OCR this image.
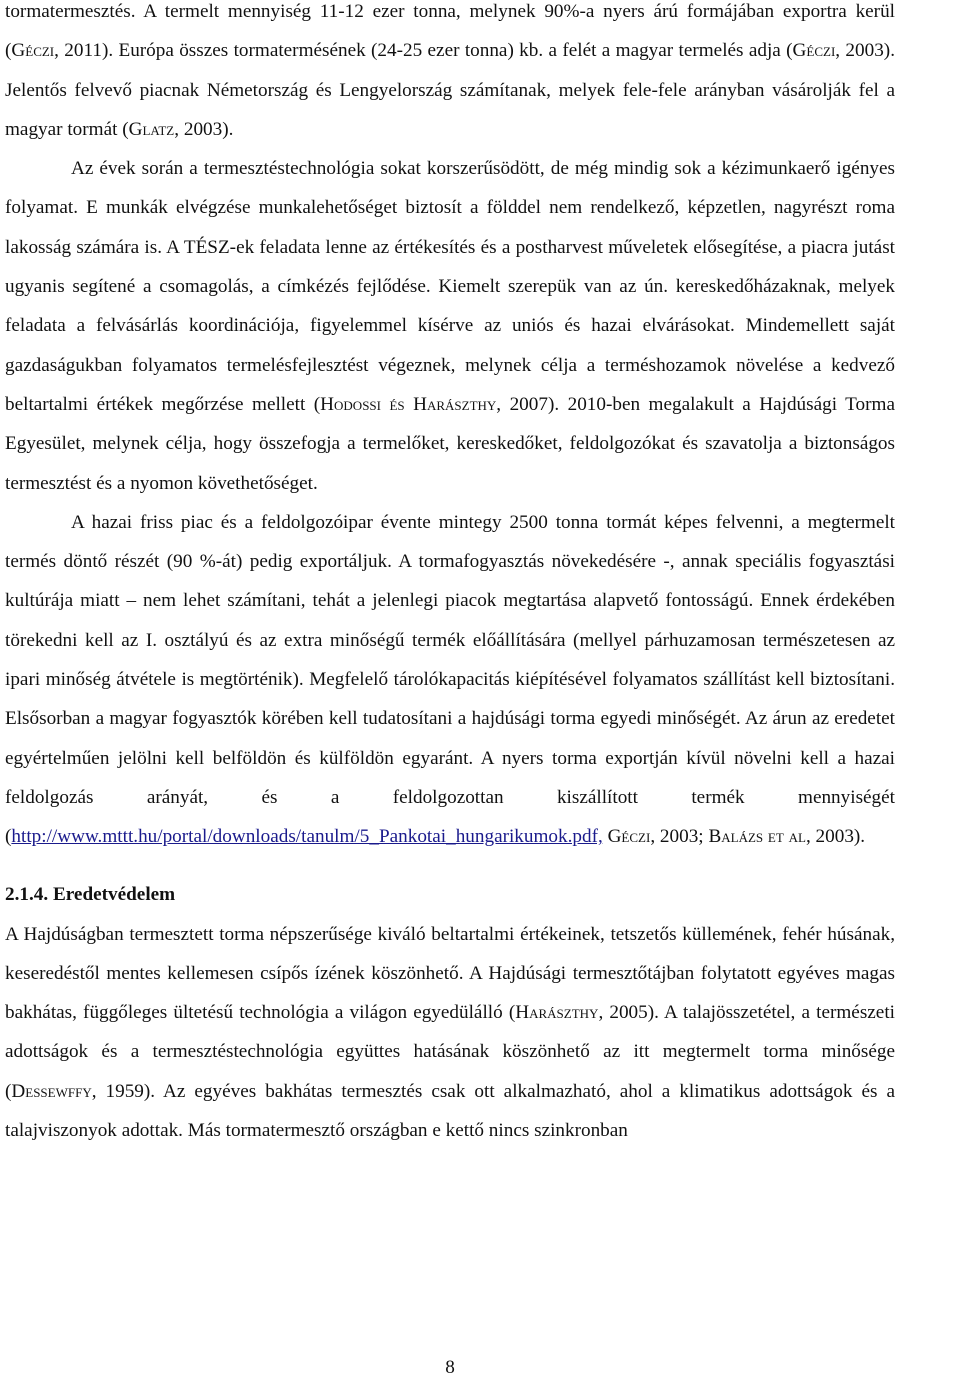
tormatermesztés. A termelt mennyiség 11-12 ezer tonna, melynek 90%-a nyers árú formájában exportra kerül (Géczi, 2011). Európa összes tormatermésének (24-25 ezer tonna) kb. a felét a magyar termelés adja (Géczi, 2003). Jelentős felvevő piacnak Németország és Lengyelország számítanak, melyek fele-fele arányban vásárolják fel a magyar tormát (Glatz, 2003).

Az évek során a termesztéstechnológia sokat korszerűsödött, de még mindig sok a kézimunkaerő igényes folyamat. E munkák elvégzése munkalehetőséget biztosít a földdel nem rendelkező, képzetlen, nagyrészt roma lakosság számára is. A TÉSZ-ek feladata lenne az értékesítés és a postharvest műveletek elősegítése, a piacra jutást ugyanis segítené a csomagolás, a címkézés fejlődése. Kiemelt szerepük van az ún. kereskedőházaknak, melyek feladata a felvásárlás koordinációja, figyelemmel kísérve az uniós és hazai elvárásokat. Mindemellett saját gazdaságukban folyamatos termelésfejlesztést végeznek, melynek célja a terméshozamok növelése a kedvező beltartalmi értékek megőrzése mellett (Hodossi és Harászthy, 2007). 2010-ben megalakult a Hajdúsági Torma Egyesület, melynek célja, hogy összefogja a termelőket, kereskedőket, feldolgozókat és szavatolja a biztonságos termesztést és a nyomon követhetőséget.

A hazai friss piac és a feldolgozóipar évente mintegy 2500 tonna tormát képes felvenni, a megtermelt termés döntő részét (90 %-át) pedig exportáljuk. A tormafogyasztás növekedésére -, annak speciális fogyasztási kultúrája miatt – nem lehet számítani, tehát a jelenlegi piacok megtartása alapvető fontosságú. Ennek érdekében törekedni kell az I. osztályú és az extra minőségű termék előállítására (mellyel párhuzamosan természetesen az ipari minőség átvétele is megtörténik). Megfelelő tárolókapacitás kiépítésével folyamatos szállítást kell biztosítani. Elsősorban a magyar fogyasztók körében kell tudatosítani a hajdúsági torma egyedi minőségét. Az árun az eredetet egyértelműen jelölni kell belföldön és külföldön egyaránt. A nyers torma exportján kívül növelni kell a hazai feldolgozás arányát, és a feldolgozottan kiszállított termék mennyiségét (http://www.mttt.hu/portal/downloads/tanulm/5_Pankotai_hungarikumok.pdf, Géczi, 2003; Balázs et al, 2003).

2.1.4. Eredetvédelem

A Hajdúságban termesztett torma népszerűsége kiváló beltartalmi értékeinek, tetszetős küllemének, fehér húsának, keseredéstől mentes kellemesen csípős ízének köszönhető. A Hajdúsági termesztőtájban folytatott egyéves magas bakhátas, függőleges ültetésű technológia a világon egyedülálló (Harászthy, 2005). A talajösszetétel, a természeti adottságok és a termesztéstechnológia együttes hatásának köszönhető az itt megtermelt torma minősége (Dessewffy, 1959). Az egyéves bakhátas termesztés csak ott alkalmazható, ahol a klimatikus adottságok és a talajviszonyok adottak. Más tormatermesztő országban e kettő nincs szinkronban

8
